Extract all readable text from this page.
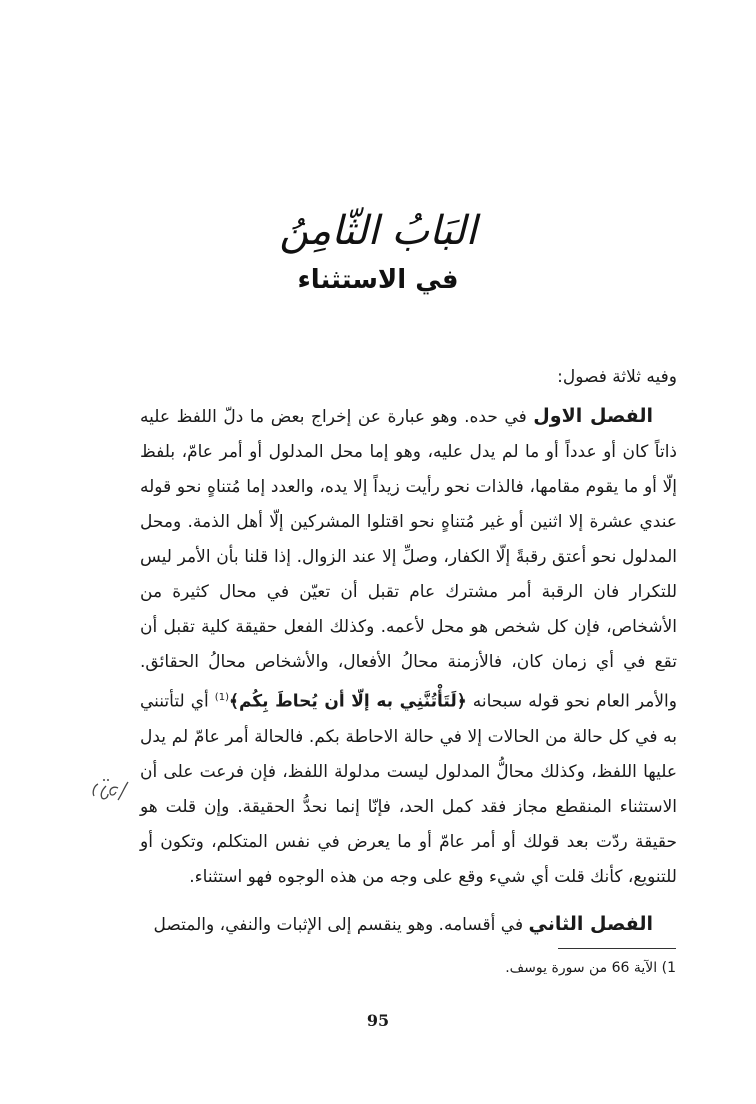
البَابُ الثّامِنُ
في الاستثناء

وفيه ثلاثة فصول:

الفصل الاول في حده. وهو عبارة عن إخراج بعض ما دلّ اللفظ عليه ذاتاً كان أو عدداً أو ما لم يدل عليه، وهو إما محل المدلول أو أمر عامّ، بلفظ إلّا أو ما يقوم مقامها، فالذات نحو رأيت زيداً إلا يده، والعدد إما مُتناهٍ نحو قوله عندي عشرة إلا اثنين أو غير مُتناهٍ نحو اقتلوا المشركين إلّا أهل الذمة. ومحل المدلول نحو أعتق رقبةً إلّا الكفار، وصلِّ إلا عند الزوال. إذا قلنا بأن الأمر ليس للتكرار فان الرقبة أمر مشترك عام تقبل أن تعيّن في محال كثيرة من الأشخاص، فإن كل شخص هو محل لأعمه. وكذلك الفعل حقيقة كلية تقبل أن تقع في أي زمان كان، فالأزمنة محالُ الأفعال، والأشخاص محالُ الحقائق. والأمر العام نحو قوله سبحانه ﴿لَتَأْتُنَّنِي به إلّا أن يُحاطَ بِكُم﴾$^{(1)}$ أي لتأتنني به في كل حالة من الحالات إلا في حالة الاحاطة بكم. فالحالة أمر عامّ لم يدل عليها اللفظ، وكذلك محالُّ المدلول ليست مدلولة اللفظ، فإن فرعت على أن الاستثناء المنقطع مجاز فقد كمل الحد، فإنّا إنما نحدُّ الحقيقة. وإن قلت هو حقيقة ردّت بعد قولك أو أمر عامّ أو ما يعرض في نفس المتكلم، وتكون أو للتنويع، كأنك قلت أي شيء وقع على وجه من هذه الوجوه فهو استثناء.

الفصل الثاني في أقسامه. وهو ينقسم إلى الإثبات والنفي، والمتصل

1) الآية 66 من سورة يوسف.
95
